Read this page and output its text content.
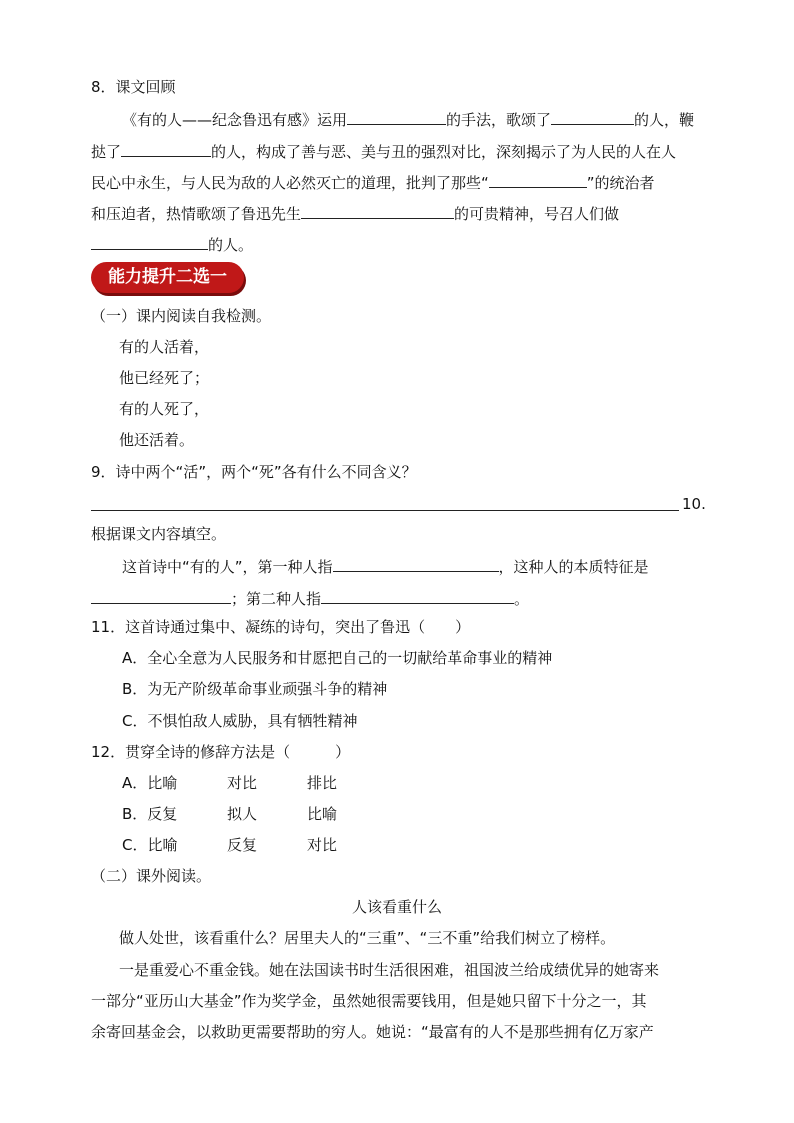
8．课文回顾
《有的人——纪念鲁迅有感》运用	的手法，歌颂了	的人，鞭
挞了	的人，构成了善与恶、美与丑的强烈对比，深刻揭示了为人民的人在人
民心中永生，与人民为敌的人必然灭亡的道理，批判了那些“	”的统治者
和压迫者，热情歌颂了鲁迅先生	的可贵精神，号召人们做
的人。
能力提升二选一
（一）课内阅读自我检测。
有的人活着，
他已经死了；
有的人死了，
他还活着。
9．诗中两个“活”，两个“死”各有什么不同含义？
10.
根据课文内容填空。
这首诗中“有的人”，第一种人指	，这种人的本质特征是
；第二种人指	。
11．这首诗通过集中、凝练的诗句，突出了鲁迅（　　）
A．全心全意为人民服务和甘愿把自己的一切献给革命事业的精神
B．为无产阶级革命事业顽强斗争的精神
C．不惧怕敌人威胁，具有牺牲精神
12．贯穿全诗的修辞方法是（　　　）
A．比喻	对比	排比
B．反复	拟人	比喻
C．比喻	反复	对比
（二）课外阅读。
人该看重什么
做人处世，该看重什么？居里夫人的“三重”、“三不重”给我们树立了榜样。
一是重爱心不重金钱。她在法国读书时生活很困难，祖国波兰给成绩优异的她寄来
一部分“亚历山大基金”作为奖学金，虽然她很需要钱用，但是她只留下十分之一，其
余寄回基金会，以救助更需要帮助的穷人。她说：“最富有的人不是那些拥有亿万家产
